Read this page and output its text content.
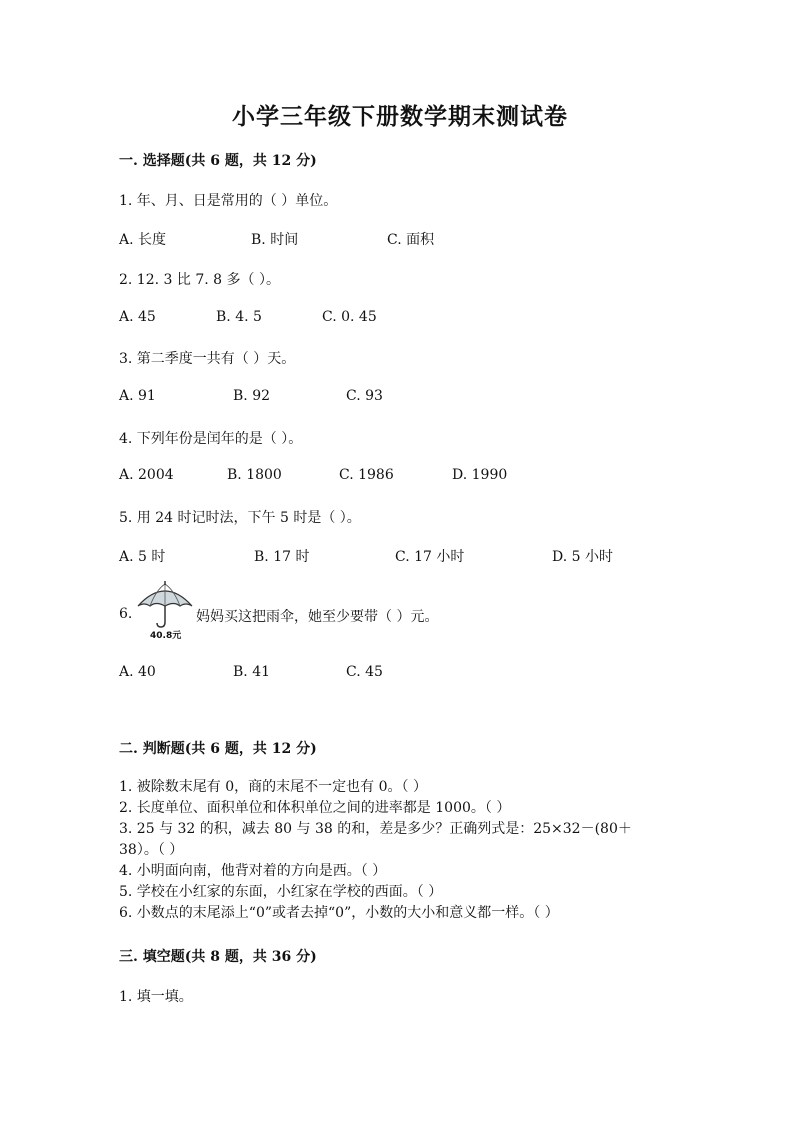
小学三年级下册数学期末测试卷
一. 选择题(共 6 题，共 12 分)
1. 年、月、日是常用的（ ）单位。
A. 长度	B. 时间	C. 面积
2. 12. 3 比 7. 8 多（ ）。
A. 45	B. 4. 5	C. 0. 45
3. 第二季度一共有（ ）天。
A. 91	B. 92	C. 93
4. 下列年份是闰年的是（ ）。
A. 2004	B. 1800	C. 1986	D. 1990
5. 用 24 时记时法，下午 5 时是（ ）。
A. 5 时	B. 17 时	C. 17 小时	D. 5 小时
6.
40.8元
妈妈买这把雨伞，她至少要带（ ）元。
A. 40	B. 41	C. 45
二. 判断题(共 6 题，共 12 分)
1. 被除数末尾有 0，商的末尾不一定也有 0。（ ）
2. 长度单位、面积单位和体积单位之间的进率都是 1000。（ ）
3. 25 与 32 的积，减去 80 与 38 的和，差是多少？正确列式是：25×32－(80＋
38）。（ ）
4. 小明面向南，他背对着的方向是西。（ ）
5. 学校在小红家的东面，小红家在学校的西面。（ ）
6. 小数点的末尾添上“0”或者去掉“0”，小数的大小和意义都一样。（ ）
三. 填空题(共 8 题，共 36 分)
1. 填一填。
